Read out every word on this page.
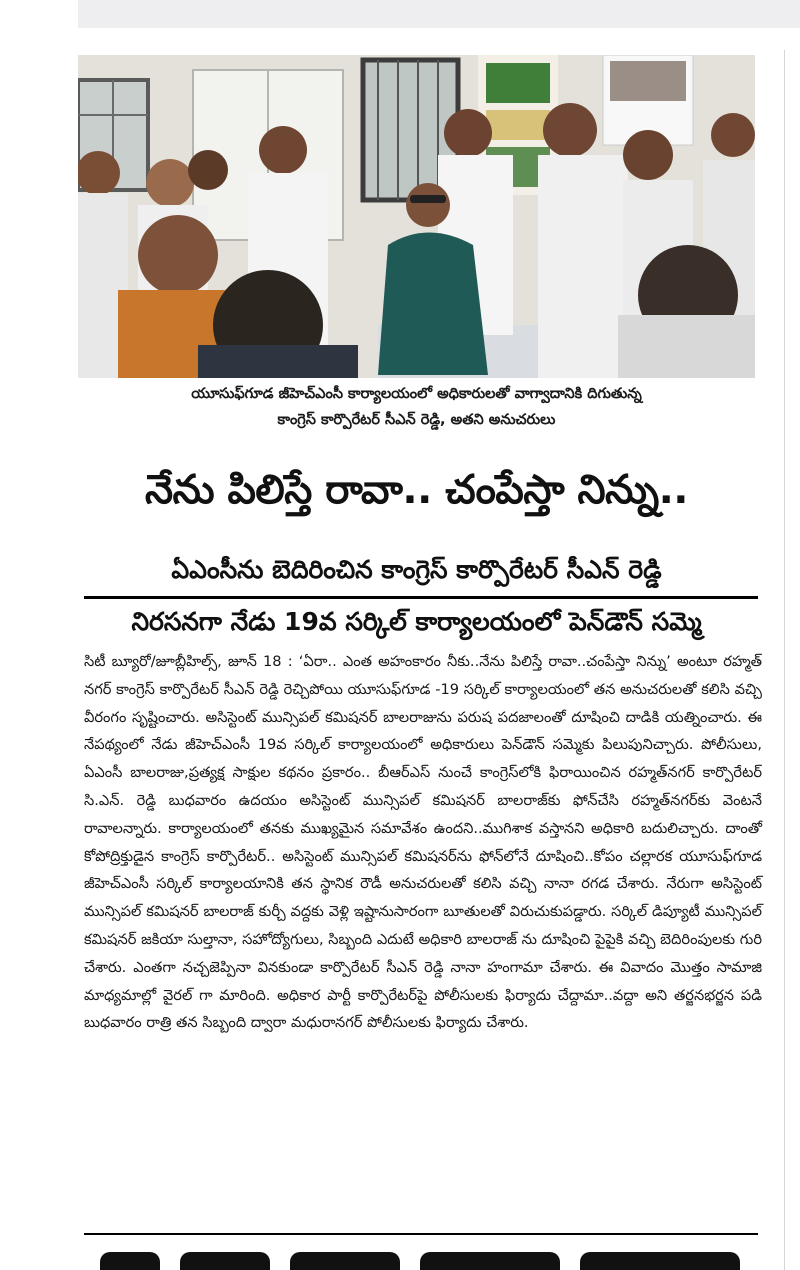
యూసుఫ్‌గూడ జీహెచ్‌ఎంసీ కార్యాలయంలో అధికారులతో వాగ్వాదానికి దిగుతున్న
కాంగ్రెస్ కార్పొరేటర్ సీఎన్ రెడ్డి, అతని అనుచరులు
నేను పిలిస్తే రావా.. చంపేస్తా నిన్ను..
ఏఎంసీను బెదిరించిన కాంగ్రెస్ కార్పొరేటర్ సీఎన్ రెడ్డి
నిరసనగా నేడు 19వ సర్కిల్ కార్యాలయంలో పెన్‌డౌన్ సమ్మె
సిటీ బ్యూరో/జూబ్లీహిల్స్, జూన్ 18 : ‘ఏరా.. ఎంత అహంకారం నీకు..నేను పిలిస్తే రావా..చంపేస్తా నిన్ను’ అంటూ రహ్మత్ నగర్ కాంగ్రెస్ కార్పొరేటర్ సీఎన్ రెడ్డి రెచ్చిపోయి యూసుఫ్‌గూడ -19 సర్కిల్ కార్యాలయంలో తన అనుచరులతో కలిసి వచ్చి వీరంగం సృష్టించారు. అసిస్టెంట్ మున్సిపల్ కమిషనర్ బాలరాజును పరుష పదజాలంతో దూషించి దాడికి యత్నించారు. ఈ నేపథ్యంలో నేడు జీహెచ్‌ఎంసీ 19వ సర్కిల్ కార్యాలయంలో అధికారులు పెన్‌డౌన్ సమ్మెకు పిలుపునిచ్చారు. పోలీసులు, ఏఎంసీ బాలరాజు,ప్రత్యక్ష సాక్షుల కథనం ప్రకారం.. బీఆర్‌ఎస్ నుంచే కాంగ్రెస్‌లోకి ఫిరాయించిన రహ్మత్‌నగర్ కార్పొరేటర్ సి.ఎన్. రెడ్డి బుధవారం ఉదయం అసిస్టెంట్ మున్సిపల్ కమిషనర్ బాలరాజ్‌కు ఫోన్‌చేసి రహ్మత్‌నగర్‌కు వెంటనే రావాలన్నారు. కార్యాలయంలో తనకు ముఖ్యమైన సమావేశం ఉందని..ముగిశాక వస్తానని అధికారి బదులిచ్చారు. దాంతో కోపోద్రిక్తుడైన కాంగ్రెస్ కార్పొరేటర్.. అసిస్టెంట్ మున్సిపల్ కమిషనర్‌ను ఫోన్‌లోనే దూషించి..కోపం చల్లారక యూసుఫ్‌గూడ జీహెచ్‌ఎంసీ సర్కిల్ కార్యాలయానికి తన స్థానిక రౌడీ అనుచరులతో కలిసి వచ్చి నానా రగడ చేశారు. నేరుగా అసిస్టెంట్ మున్సిపల్ కమిషనర్ బాలరాజ్ కుర్చీ వద్దకు వెళ్లి ఇష్టానుసారంగా బూతులతో విరుచుకుపడ్డారు. సర్కిల్ డిప్యూటీ మున్సిపల్ కమిషనర్ జకియా సుల్తానా, సహోద్యోగులు, సిబ్బంది ఎదుటే అధికారి బాలరాజ్ ను దూషించి పైపైకి వచ్చి బెదిరింపులకు గురి చేశారు. ఎంతగా నచ్చజెప్పినా వినకుండా కార్పొరేటర్ సీఎన్ రెడ్డి నానా హంగామా చేశారు. ఈ వివాదం మొత్తం సామాజి మాధ్యమాల్లో వైరల్ గా మారింది. అధికార పార్టీ కార్పొరేటర్‌పై పోలీసులకు ఫిర్యాదు చేద్దామా..వద్దా అని తర్జనభర్జన పడి బుధవారం రాత్రి తన సిబ్బంది ద్వారా మధురానగర్ పోలీసులకు ఫిర్యాదు చేశారు.
